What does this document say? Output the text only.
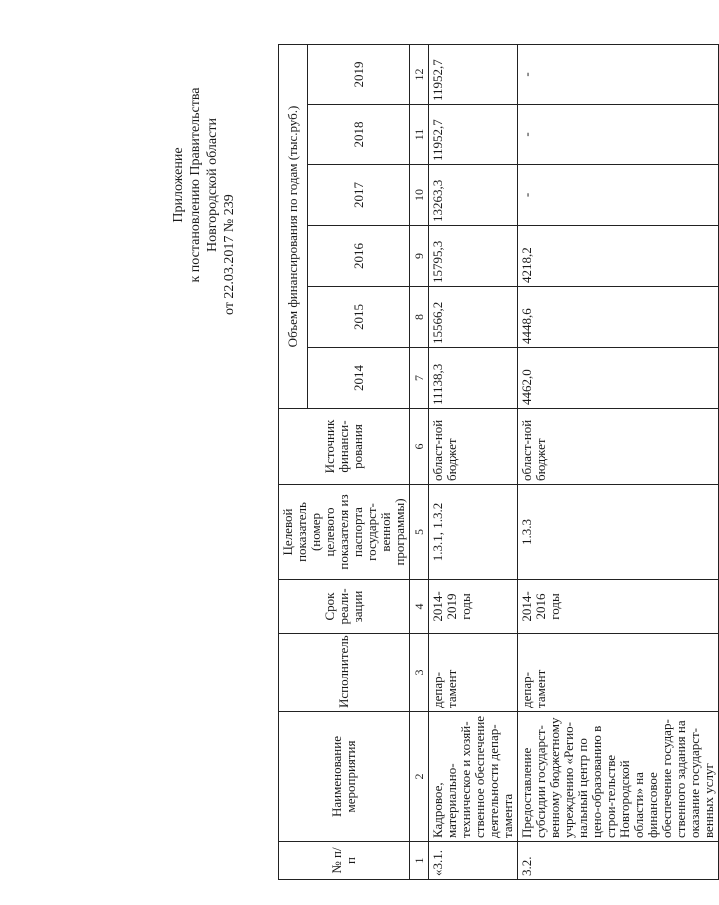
Приложение к постановлению Правительства Новгородской области
от 22.03.2017 № 239
№ п/п	Наименование мероприятия	Исполнитель	Срок реали-зации	Целевой показатель (номер целевого показателя из паспорта государст-венной программы)	Источник финанси-рования	Объем финансирования по годам (тыс.руб.)					
						2014	2015	2016	2017	2018	2019
1	2	3	4	5	6	7	8	9	10	11	12
«3.1.	Кадровое, материально-техническое и хозяй-ственное обеспечение деятельности депар-тамента	депар-тамент	2014-2019 годы	1.3.1, 1.3.2	област-ной бюджет	11138,3	15566,2	15795,3	13263,3	11952,7	11952,7
3.2.	Предоставление субсидии государст-венному бюджетному учреждению «Регио-нальный центр по цено-образованию в строи-тельстве Новгородской области» на финансовое обеспечение государ-ственного задания на оказание государст-венных услуг	депар-тамент	2014-2016 годы	1.3.3	област-ной бюджет	4462,0	4448,6	4218,2	-	-	-
